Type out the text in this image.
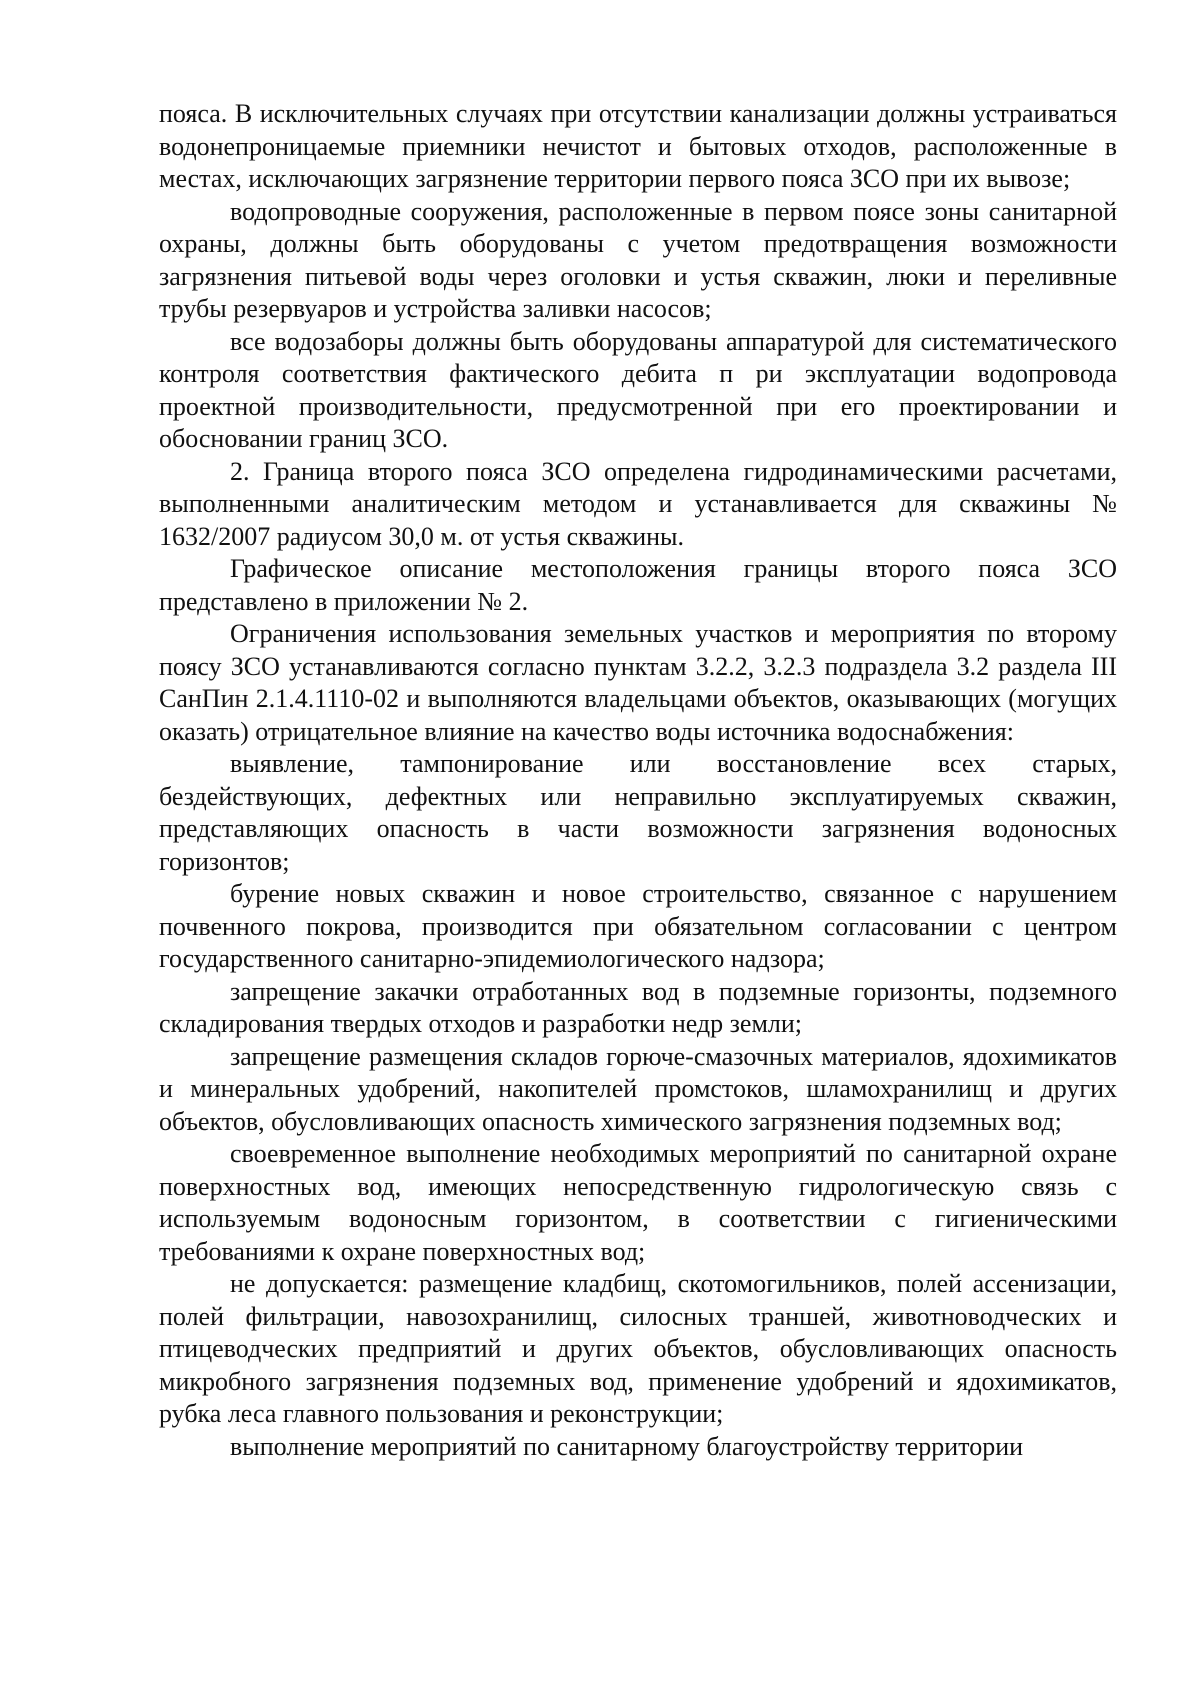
пояса. В исключительных случаях при отсутствии канализации должны устраиваться водонепроницаемые приемники нечистот и бытовых отходов, расположенные в местах, исключающих загрязнение территории первого пояса ЗСО при их вывозе;

водопроводные сооружения, расположенные в первом поясе зоны санитарной охраны, должны быть оборудованы с учетом предотвращения возможности загрязнения питьевой воды через оголовки и устья скважин, люки и переливные трубы резервуаров и устройства заливки насосов;

все водозаборы должны быть оборудованы аппаратурой для систематического контроля соответствия фактического дебита п ри эксплуатации водопровода проектной производительности, предусмотренной при его проектировании и обосновании границ ЗСО.

2. Граница второго пояса ЗСО определена гидродинамическими расчетами, выполненными аналитическим методом и устанавливается для скважины № 1632/2007 радиусом 30,0 м. от устья скважины.

Графическое описание местоположения границы второго пояса ЗСО представлено в приложении № 2.

Ограничения использования земельных участков и мероприятия по второму поясу ЗСО устанавливаются согласно пунктам 3.2.2, 3.2.3 подраздела 3.2 раздела III СанПин 2.1.4.1110-02 и выполняются владельцами объектов, оказывающих (могущих оказать) отрицательное влияние на качество воды источника водоснабжения:

выявление, тампонирование или восстановление всех старых, бездействующих, дефектных или неправильно эксплуатируемых скважин, представляющих опасность в части возможности загрязнения водоносных горизонтов;

бурение новых скважин и новое строительство, связанное с нарушением почвенного покрова, производится при обязательном согласовании с центром государственного санитарно-эпидемиологического надзора;

запрещение закачки отработанных вод в подземные горизонты, подземного складирования твердых отходов и разработки недр земли;

запрещение размещения складов горюче-смазочных материалов, ядохимикатов и минеральных удобрений, накопителей промстоков, шламохранилищ и других объектов, обусловливающих опасность химического загрязнения подземных вод;

своевременное выполнение необходимых мероприятий по санитарной охране поверхностных вод, имеющих непосредственную гидрологическую связь с используемым водоносным горизонтом, в соответствии с гигиеническими требованиями к охране поверхностных вод;

не допускается: размещение кладбищ, скотомогильников, полей ассенизации, полей фильтрации, навозохранилищ, силосных траншей, животноводческих и птицеводческих предприятий и других объектов, обусловливающих опасность микробного загрязнения подземных вод, применение удобрений и ядохимикатов, рубка леса главного пользования и реконструкции;

выполнение мероприятий по санитарному благоустройству территории
